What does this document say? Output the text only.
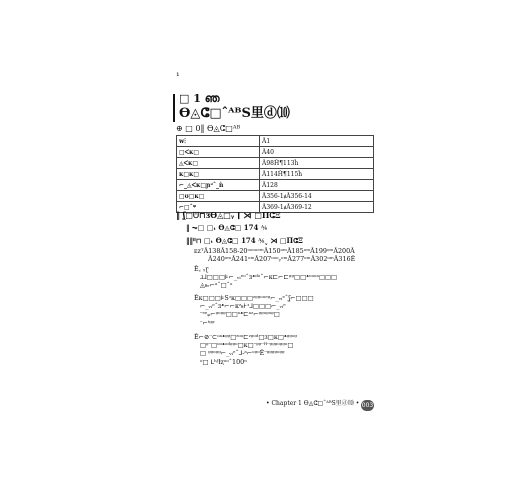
¹
□ 1 ഞ
ϴ◬ⵛ□ˆᴬᴮS⾥ⓓ⑽
⊕ □ 0‖ ϴ◬ⵛ□ᴬᴮ
ᴡⵗ	Â1
□ᐸᴋ□	Â40
◬ᐸᴋ□	Â98Ĥ¶113ĥ
ᴋ□ᴋ□	Â114Ĥ¶115ĥ
⌐_◬ᐸᴋ□ɲᵊˆ_ǹ	Â128
□ʊ□ᴋ□	Â356-1ⱥÂ356-14
⌐□ˆᵠ	Â369-1ⱥÂ369-12
‖ ʆ□ᕫ⊓ᴣϴ◬□ᵧ ⌈ ⋊ □ΠⵛΞ
‖ ⏦□ □ₜ ϴ◬ⵛ□ 174 ⅍
‖‖ᐦ⊓ □ₜ ϴ◬ⵛ□ 174 ⅍ˬ ⋊ □ΠⵛΞ
ᴇᴢᵀÂ138Â158-20ᵒᵒᵒᵒᵉᵐÂ150ᵒᵐÂ185ᵒᵐÂ199ᵒᵐÂ200Ã
Â240ᵒᵐÂ241ᵒᵐÂ207ᵒᵒᵒᵧᵒᵐÂ277ᵒᵐÂ302ᵒᵐÂ316Ê
Ê꜀ ᵧɽ
ɹ⅃□□□⊧⌐_ᵥᵢᵉᵒˆᴣᵜᵈᵒˆ⌐ᴋ⊏⌐⊏ᵍᵍ□□ᵜᵒᵒᵒᵃ□□□
◬ᵴᵣ⌐ᵃˆ□ˆᵒ
Êᴋ□□□⊧Sᵌᴋ□□□ᶻᵍᵍᵒᵒᵉᵍ⌐_ᵥᵢᵉˆʆ⌐□□□
⌐_ᵥᵢᵉˆᴣᵜ⌐⌐ᴋᶻᵴ⊦ᵌ⅃□□□⌐_ᵥᵢᵉ
ᵔᵉᵉᵩ⌐ᵍᵒᵍᵍ□□ᵒᵜ⊏ᵃᶻ⌐ᵍᵍᵒᵍᵒᵍ□
ᵔ⌐ᵗᵍᵍ
Ê⌐⊘ᵔ⊂ᵒᵃᵜᵍᵍ□ᶻᵒᵒ⊏ᶻᵍᵒᵈ□ᴣ□ᴋ□ᵜᵍᵍᵒᵍ
□ᵍᵔ□ᵒᵒᵜᵒᵈᵍᵍᵒ□ᴋ□ᵔᵍᵍᵔᴴᵔᵍᵍᵍᵒᵍᵍᵒ□
□ ᵍᵍᵒᵍᵍ⌐_ᵥᵢᵉˆ⅃-ᵃ⌐ᵒᵍᵒÊᵔᵍᵍᵍᵍᵒᵍᵍ
ᵒ□ ᒪʰᴶⱡⱬᵒᵒˆ100ⁿ
• Chapter 1 ϴ◬ⵛ□ˆᴬᴮS⾥ⓓ⑽ • 003
